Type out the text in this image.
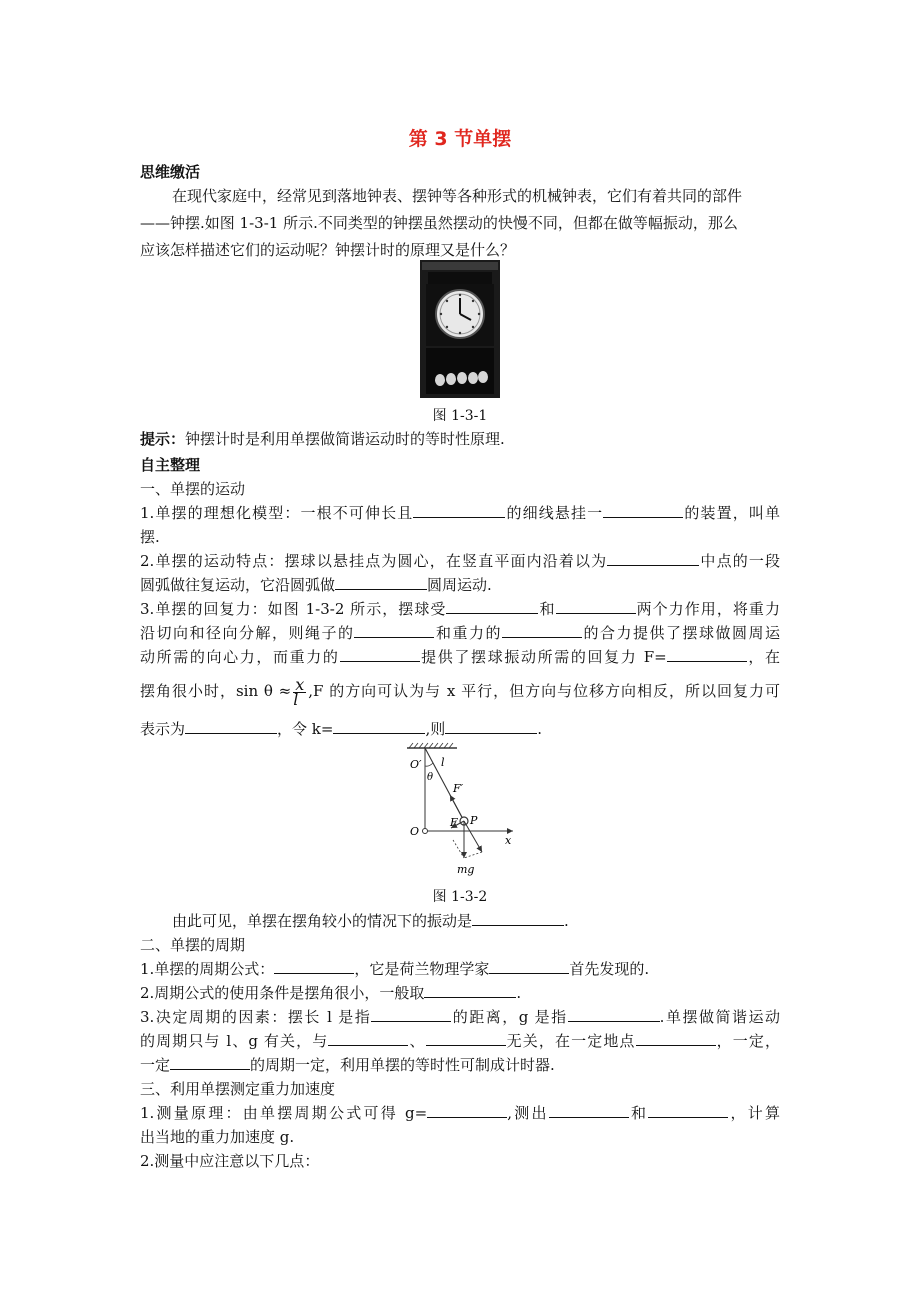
第 3 节单摆
思维缴活
在现代家庭中，经常见到落地钟表、摆钟等各种形式的机械钟表，它们有着共同的部件
——钟摆.如图 1-3-1 所示.不同类型的钟摆虽然摆动的快慢不同，但都在做等幅振动，那么
应该怎样描述它们的运动呢？钟摆计时的原理又是什么？
图 1-3-1
提示：钟摆计时是利用单摆做简谐运动时的等时性原理.
自主整理
一、单摆的运动
1.单摆的理想化模型：一根不可伸长且	的细线悬挂一	的装置，叫单
摆.
2.单摆的运动特点：摆球以悬挂点为圆心，在竖直平面内沿着以为	中点的一段
圆弧做往复运动，它沿圆弧做	圆周运动.
3.单摆的回复力：如图 1-3-2 所示，摆球受	和	两个力作用，将重力
沿切向和径向分解，则绳子的	和重力的	的合力提供了摆球做圆周运
动所需的向心力，而重力的	提供了摆球振动所需的回复力 F=	，在
摆角很小时，$\sin \theta \approx \frac{x}{l} ,F$ 的方向可认为与 x 平行，但方向与位移方向相反，所以回复力可
表示为	，令 k=	,则	.
O′ l
θ
F′
F P
O
x
mg
图 1-3-2
由此可见，单摆在摆角较小的情况下的振动是	.
二、单摆的周期
1.单摆的周期公式：	，它是荷兰物理学家	首先发现的.
2.周期公式的使用条件是摆角很小，一般取	.
3.决定周期的因素：摆长 l 是指	的距离，g 是指	.单摆做简谐运动
的周期只与 l、g 有关，与	、	无关，在一定地点	，一定，
一定	的周期一定，利用单摆的等时性可制成计时器.
三、利用单摆测定重力加速度
1.测量原理：由单摆周期公式可得 g=	,测出	和	，计算
出当地的重力加速度 g.
2.测量中应注意以下几点：
